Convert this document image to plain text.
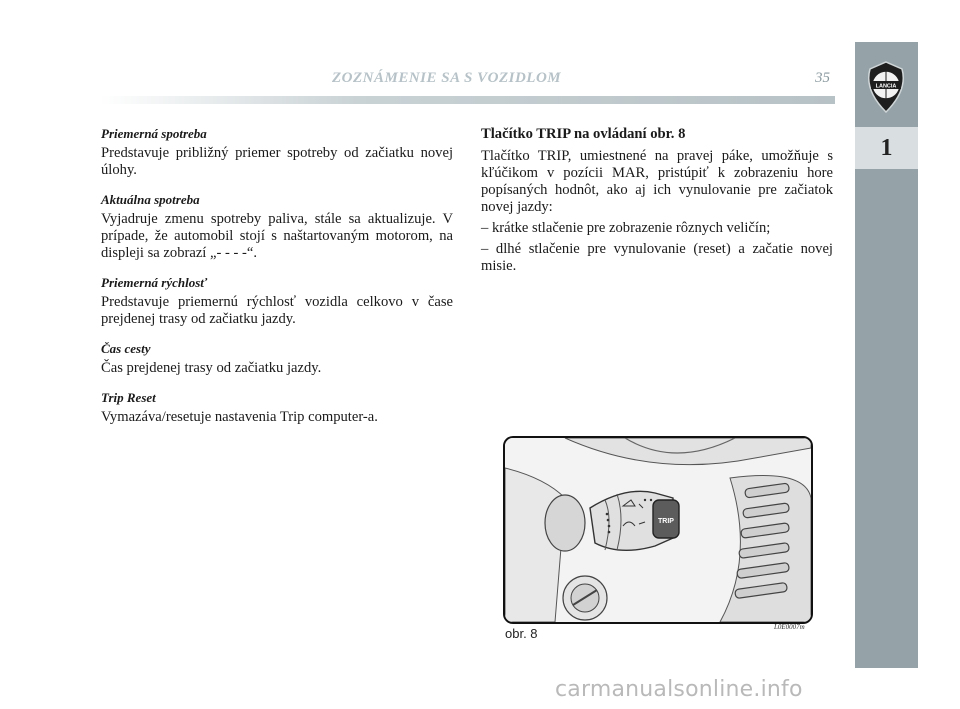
ZOZNÁMENIE SA S VOZIDLOM	35
LANCIA
1
Priemerná spotreba

Predstavuje približný priemer spotreby od začiatku novej úlohy.

Aktuálna spotreba

Vyjadruje zmenu spotreby paliva, stále sa aktualizuje. V prípade, že automobil stojí s naštartovaným motorom, na displeji sa zobrazí „- - - -“.

Priemerná rýchlosť

Predstavuje priemernú rýchlosť vozidla celkovo v čase prejdenej trasy od začiatku jazdy.

Čas cesty

Čas prejdenej trasy od začiatku jazdy.

Trip Reset

Vymazáva/resetuje nastavenia Trip computer-a.

Tlačítko TRIP na ovládaní obr. 8

Tlačítko TRIP, umiestnené na pravej páke, umožňuje s kľúčikom v pozícii MAR, pristúpiť k zobrazeniu hore popísaných hodnôt, ako aj ich vynulovanie pre začiatok novej jazdy:

– krátke stlačenie pre zobrazenie rôznych veličín;

– dlhé stlačenie pre vynulovanie (reset) a začatie novej misie.

TRIP
obr. 8	L0E0007m
carmanualsonline.info
